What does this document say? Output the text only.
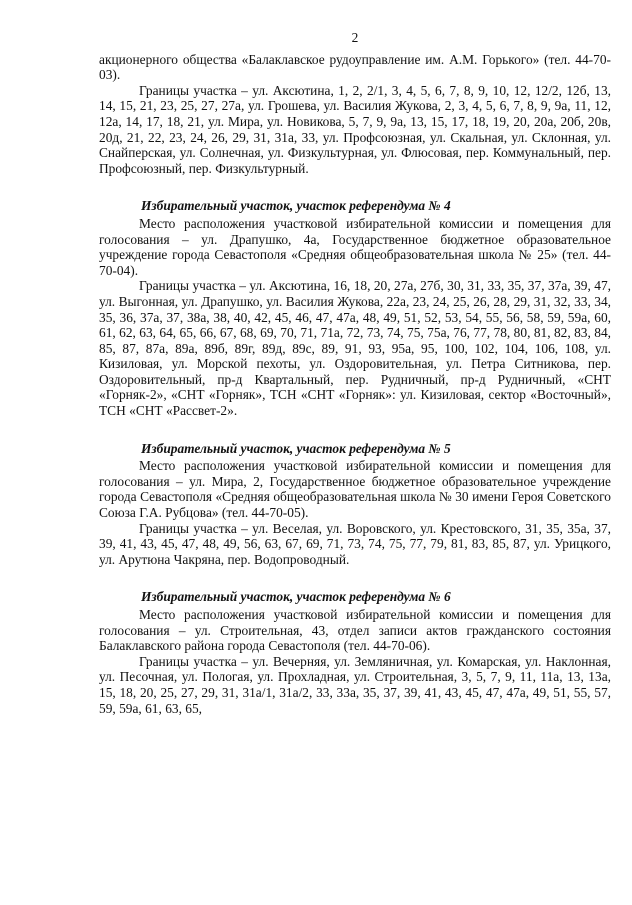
2

акционерного общества «Балаклавское рудоуправление им. А.М. Горького» (тел. 44-70-03).

Границы участка – ул. Аксютина, 1, 2, 2/1, 3, 4, 5, 6, 7, 8, 9, 10, 12, 12/2, 12б, 13, 14, 15, 21, 23, 25, 27, 27а, ул. Грошева, ул. Василия Жукова, 2, 3, 4, 5, 6, 7, 8, 9, 9а, 11, 12, 12а, 14, 17, 18, 21, ул. Мира, ул. Новикова, 5, 7, 9, 9а, 13, 15, 17, 18, 19, 20, 20а, 20б, 20в, 20д, 21, 22, 23, 24, 26, 29, 31, 31а, 33, ул. Профсоюзная, ул. Скальная, ул. Склонная, ул. Снайперская, ул. Солнечная, ул. Физкультурная, ул. Флюсовая, пер. Коммунальный, пер. Профсоюзный, пер. Физкультурный.

Избирательный участок, участок референдума № 4

Место расположения участковой избирательной комиссии и помещения для голосования – ул. Драпушко, 4а, Государственное бюджетное образовательное учреждение города Севастополя «Средняя общеобразовательная школа № 25» (тел. 44-70-04).

Границы участка – ул. Аксютина, 16, 18, 20, 27а, 27б, 30, 31, 33, 35, 37, 37а, 39, 47, ул. Выгонная, ул. Драпушко, ул. Василия Жукова, 22а, 23, 24, 25, 26, 28, 29, 31, 32, 33, 34, 35, 36, 37а, 37, 38а, 38, 40, 42, 45, 46, 47, 47а, 48, 49, 51, 52, 53, 54, 55, 56, 58, 59, 59а, 60, 61, 62, 63, 64, 65, 66, 67, 68, 69, 70, 71, 71а, 72, 73, 74, 75, 75а, 76, 77, 78, 80, 81, 82, 83, 84, 85, 87, 87а, 89а, 89б, 89г, 89д, 89с, 89, 91, 93, 95а, 95, 100, 102, 104, 106, 108, ул. Кизиловая, ул. Морской пехоты, ул. Оздоровительная, ул. Петра Ситникова, пер. Оздоровительный, пр-д Квартальный, пер. Рудничный, пр-д Рудничный, «СНТ «Горняк-2», «СНТ «Горняк», ТСН «СНТ «Горняк»: ул. Кизиловая, сектор «Восточный», ТСН «СНТ «Рассвет-2».

Избирательный участок, участок референдума № 5

Место расположения участковой избирательной комиссии и помещения для голосования – ул. Мира, 2, Государственное бюджетное образовательное учреждение города Севастополя «Средняя общеобразовательная школа № 30 имени Героя Советского Союза Г.А. Рубцова» (тел. 44-70-05).

Границы участка – ул. Веселая, ул. Воровского, ул. Крестовского, 31, 35, 35а, 37, 39, 41, 43, 45, 47, 48, 49, 56, 63, 67, 69, 71, 73, 74, 75, 77, 79, 81, 83, 85, 87, ул. Урицкого, ул. Арутюна Чакряна, пер. Водопроводный.

Избирательный участок, участок референдума № 6

Место расположения участковой избирательной комиссии и помещения для голосования – ул. Строительная, 43, отдел записи актов гражданского состояния Балаклавского района города Севастополя (тел. 44-70-06).

Границы участка – ул. Вечерняя, ул. Земляничная, ул. Комарская, ул. Наклонная, ул. Песочная, ул. Пологая, ул. Прохладная, ул. Строительная, 3, 5, 7, 9, 11, 11а, 13, 13а, 15, 18, 20, 25, 27, 29, 31, 31а/1, 31а/2, 33, 33а, 35, 37, 39, 41, 43, 45, 47, 47а, 49, 51, 55, 57, 59, 59а, 61, 63, 65,
